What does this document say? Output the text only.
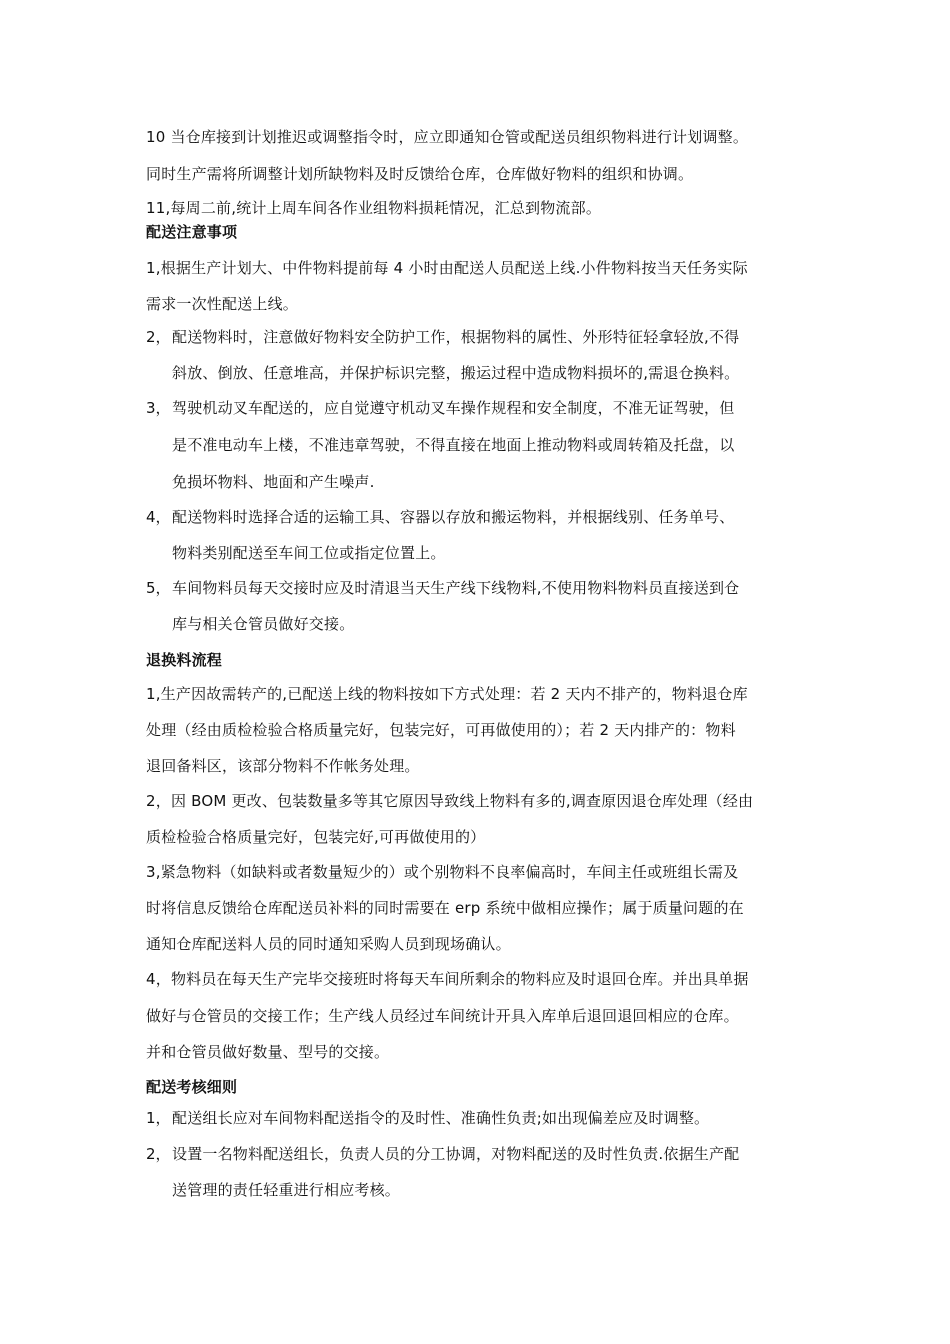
10 当仓库接到计划推迟或调整指令时，应立即通知仓管或配送员组织物料进行计划调整。
同时生产需将所调整计划所缺物料及时反馈给仓库，仓库做好物料的组织和协调。
11,每周二前,统计上周车间各作业组物料损耗情况，汇总到物流部。
配送注意事项
1,根据生产计划大、中件物料提前每 4 小时由配送人员配送上线.小件物料按当天任务实际
需求一次性配送上线。
2， 配送物料时，注意做好物料安全防护工作，根据物料的属性、外形特征轻拿轻放,不得
斜放、倒放、任意堆高，并保护标识完整，搬运过程中造成物料损坏的,需退仓换料。
3， 驾驶机动叉车配送的，应自觉遵守机动叉车操作规程和安全制度，不准无证驾驶，但
是不准电动车上楼，不准违章驾驶，不得直接在地面上推动物料或周转箱及托盘，以
免损坏物料、地面和产生噪声.
4， 配送物料时选择合适的运输工具、容器以存放和搬运物料，并根据线别、任务单号、
物料类别配送至车间工位或指定位置上。
5， 车间物料员每天交接时应及时清退当天生产线下线物料,不使用物料物料员直接送到仓
库与相关仓管员做好交接。
退换料流程
1,生产因故需转产的,已配送上线的物料按如下方式处理：若 2 天内不排产的，物料退仓库
处理（经由质检检验合格质量完好，包装完好，可再做使用的）；若 2 天内排产的：物料
退回备料区，该部分物料不作帐务处理。
2，因 BOM 更改、包装数量多等其它原因导致线上物料有多的,调查原因退仓库处理（经由
质检检验合格质量完好，包装完好,可再做使用的）
3,紧急物料（如缺料或者数量短少的）或个别物料不良率偏高时，车间主任或班组长需及
时将信息反馈给仓库配送员补料的同时需要在 erp 系统中做相应操作；属于质量问题的在
通知仓库配送料人员的同时通知采购人员到现场确认。
4，物料员在每天生产完毕交接班时将每天车间所剩余的物料应及时退回仓库。并出具单据
做好与仓管员的交接工作；生产线人员经过车间统计开具入库单后退回退回相应的仓库。
并和仓管员做好数量、型号的交接。
配送考核细则
1， 配送组长应对车间物料配送指令的及时性、准确性负责;如出现偏差应及时调整。
2， 设置一名物料配送组长，负责人员的分工协调，对物料配送的及时性负责.依据生产配
送管理的责任轻重进行相应考核。
